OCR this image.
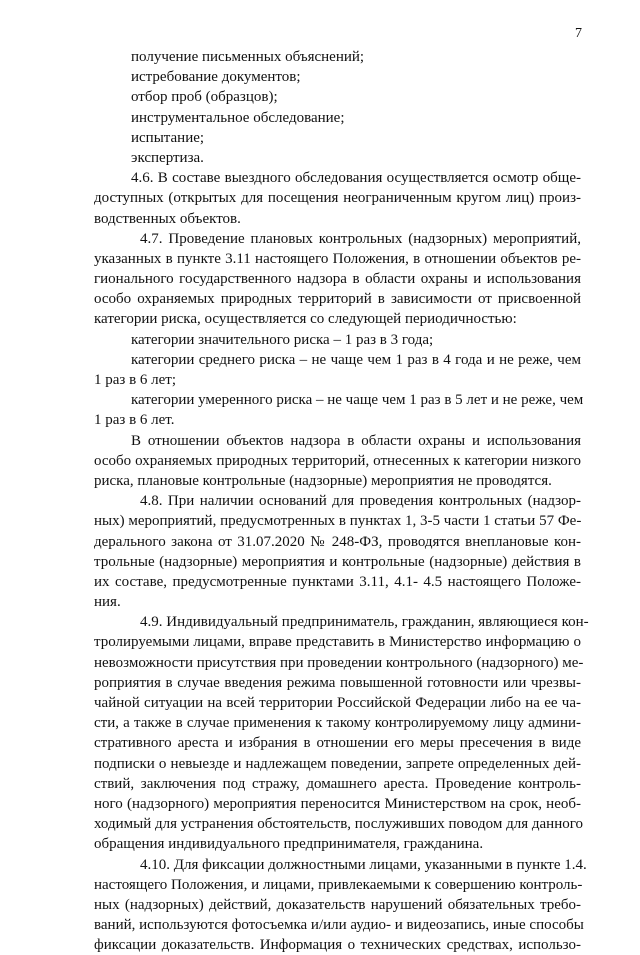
7
получение письменных объяснений;
истребование документов;
отбор проб (образцов);
инструментальное обследование;
испытание;
экспертиза.
4.6. В составе выездного обследования осуществляется осмотр обще-
доступных (открытых для посещения неограниченным кругом лиц) произ-
водственных объектов.
4.7. Проведение плановых контрольных (надзорных) мероприятий,
указанных в пункте 3.11 настоящего Положения, в отношении объектов ре-
гионального государственного надзора в области охраны и использования
особо охраняемых природных территорий в зависимости от присвоенной
категории риска, осуществляется со следующей периодичностью:
категории значительного риска – 1 раз в 3 года;
категории среднего риска – не чаще чем 1 раз в 4 года и не реже, чем
1 раз в 6 лет;
категории умеренного риска – не чаще чем 1 раз в 5 лет и не реже, чем
1 раз в 6 лет.
В отношении объектов надзора в области охраны и использования
особо охраняемых природных территорий, отнесенных к категории низкого
риска, плановые контрольные (надзорные) мероприятия не проводятся.
4.8. При наличии оснований для проведения контрольных (надзор-
ных) мероприятий, предусмотренных в пунктах 1, 3-5 части 1 статьи 57 Фе-
дерального закона от 31.07.2020 № 248-ФЗ, проводятся внеплановые кон-
трольные (надзорные) мероприятия и контрольные (надзорные) действия в
их составе, предусмотренные пунктами 3.11, 4.1- 4.5 настоящего Положе-
ния.
4.9. Индивидуальный предприниматель, гражданин, являющиеся кон-
тролируемыми лицами, вправе представить в Министерство информацию о
невозможности присутствия при проведении контрольного (надзорного) ме-
роприятия в случае введения режима повышенной готовности или чрезвы-
чайной ситуации на всей территории Российской Федерации либо на ее ча-
сти, а также в случае применения к такому контролируемому лицу админи-
стративного ареста и избрания в отношении его меры пресечения в виде
подписки о невыезде и надлежащем поведении, запрете определенных дей-
ствий, заключения под стражу, домашнего ареста. Проведение контроль-
ного (надзорного) мероприятия переносится Министерством на срок, необ-
ходимый для устранения обстоятельств, послуживших поводом для данного
обращения индивидуального предпринимателя, гражданина.
4.10. Для фиксации должностными лицами, указанными в пункте 1.4.
настоящего Положения, и лицами, привлекаемыми к совершению контроль-
ных (надзорных) действий, доказательств нарушений обязательных требо-
ваний, используются фотосъемка и/или аудио- и видеозапись, иные способы
фиксации доказательств. Информация о технических средствах, использо-
